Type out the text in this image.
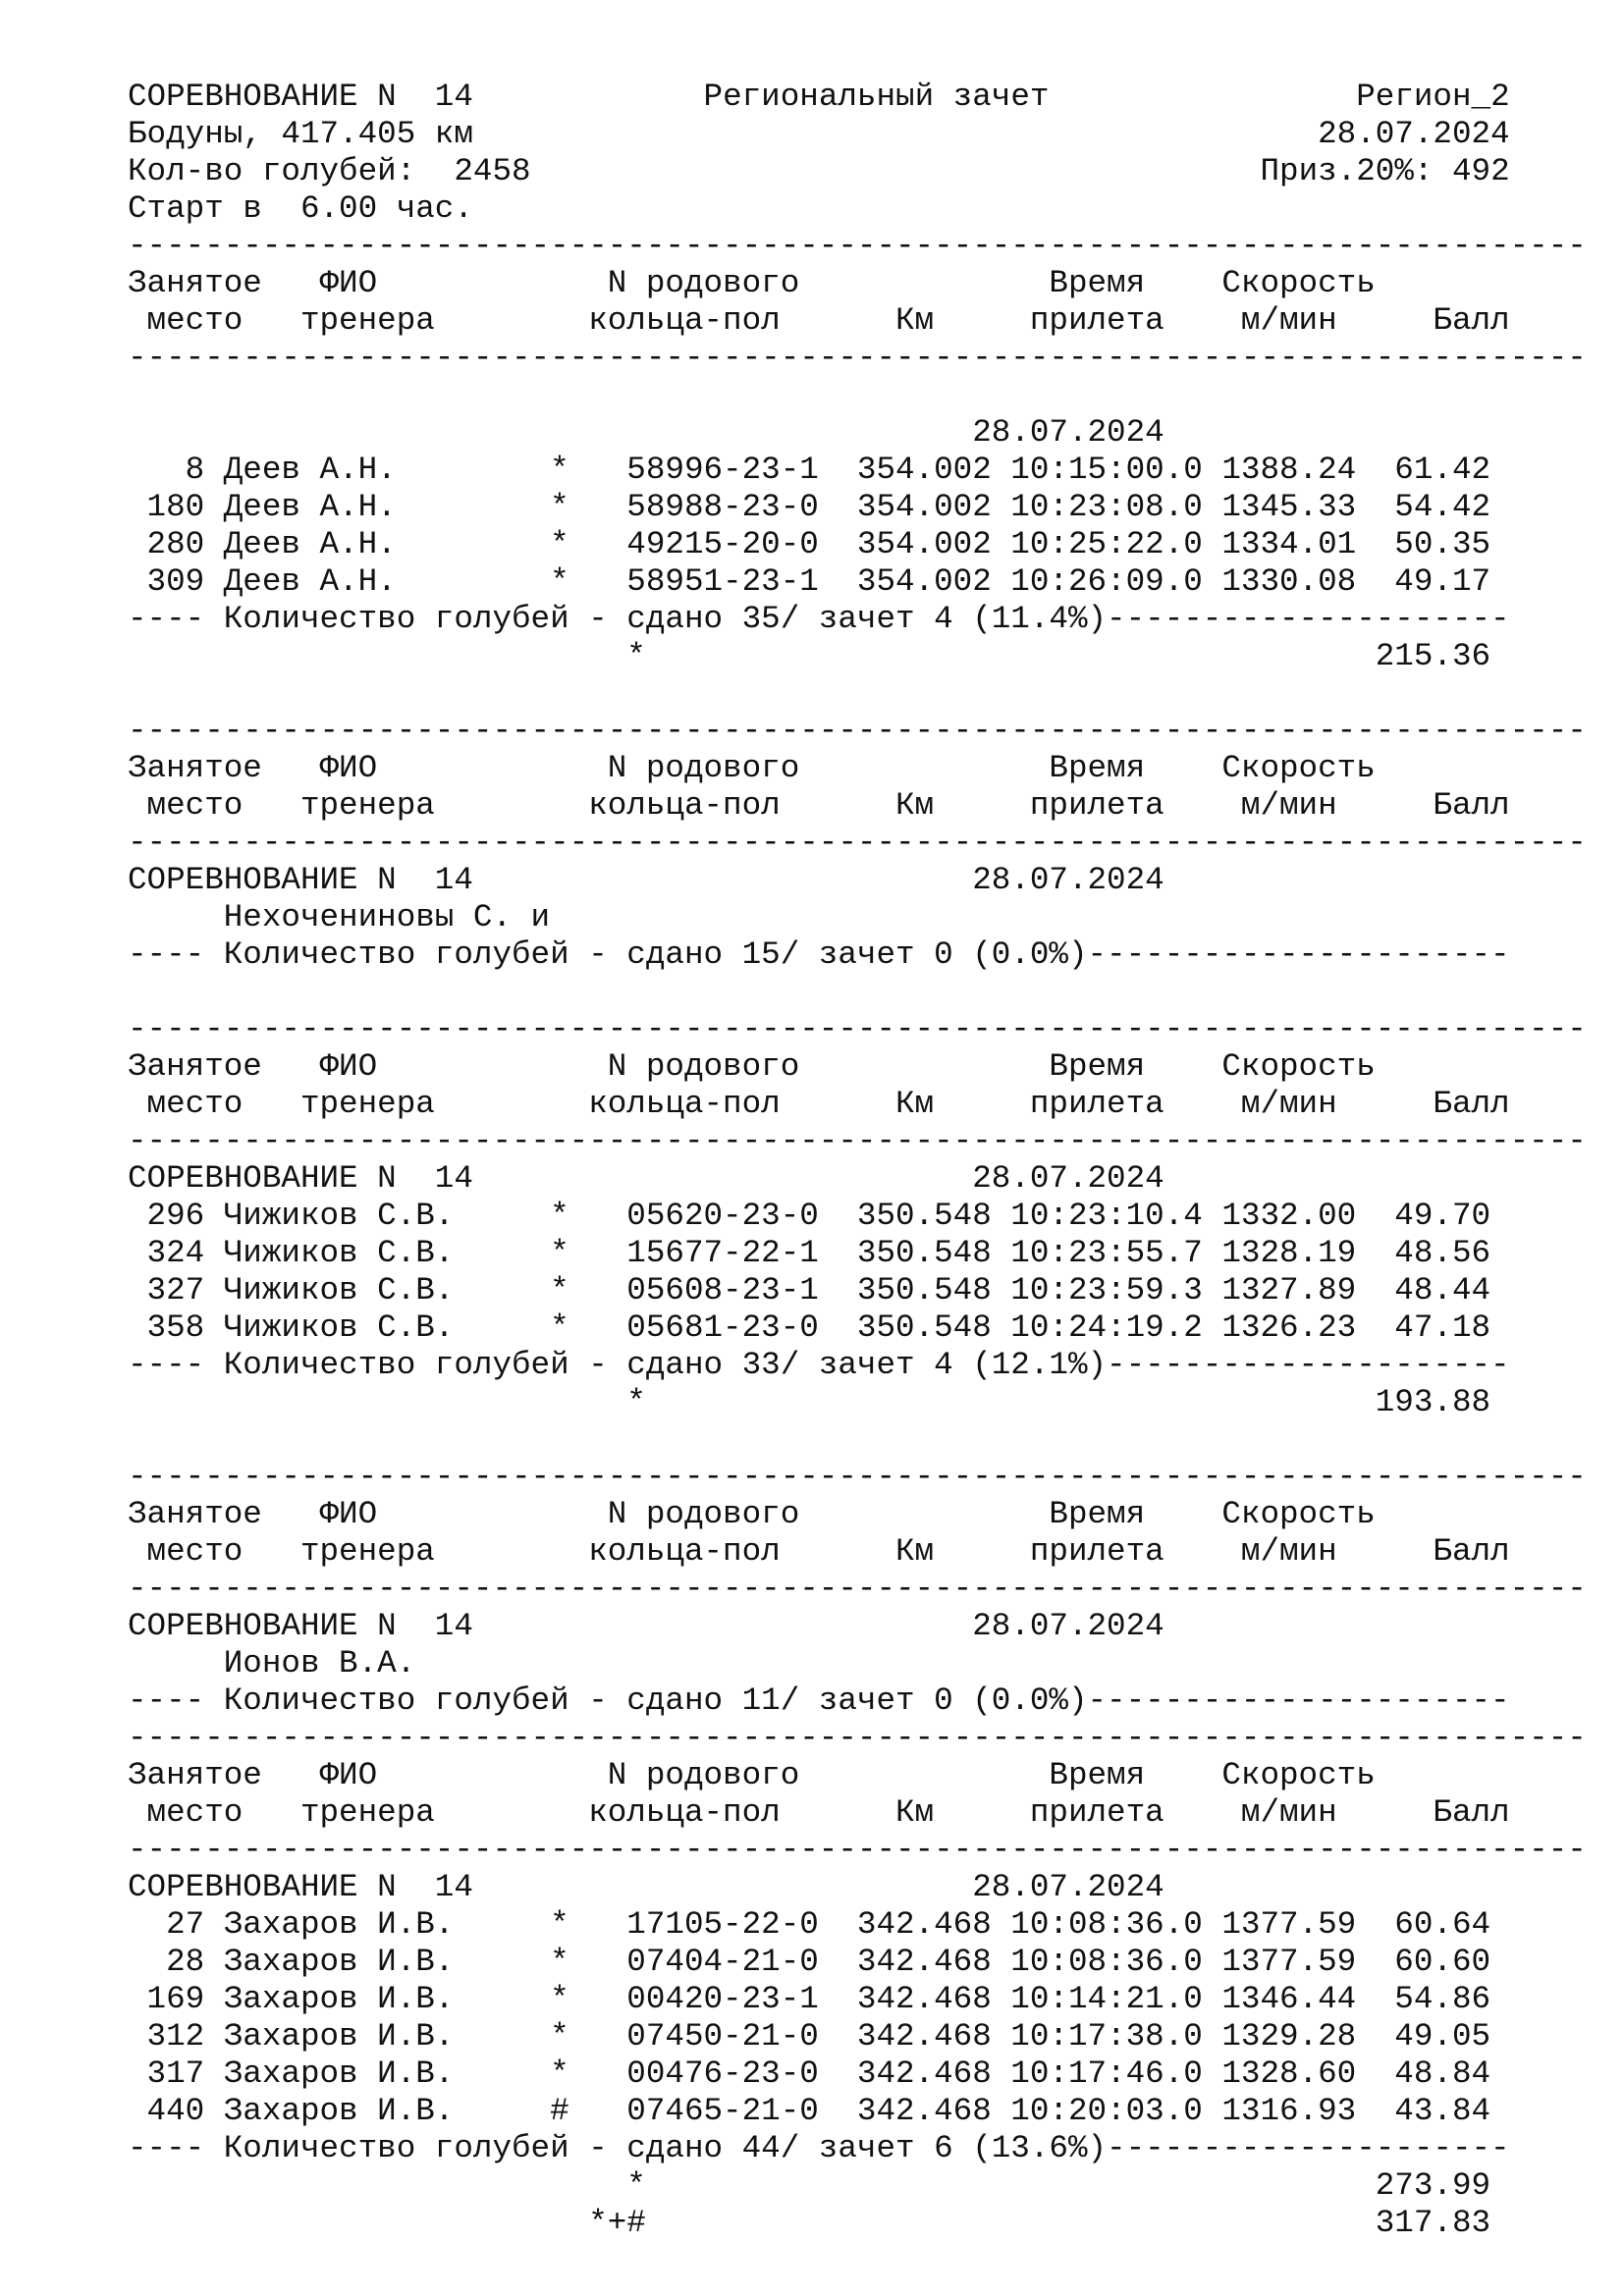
СОРЕВНОВАНИЕ N  14	Региональный зачет	Регион_2
Бодуны, 417.405 км	28.07.2024
Кол-во голубей:  2458	Приз.20%: 492
Старт в  6.00 час.
----------------------------------------------------------------------------
Занятое   ФИО            N родового             Время    Скорость
место   тренера        кольца-пол      Км     прилета    м/мин     Балл
----------------------------------------------------------------------------
28.07.2024
8 Деев А.Н.        *   58996-23-1  354.002 10:15:00.0 1388.24  61.42
180 Деев А.Н.        *   58988-23-0  354.002 10:23:08.0 1345.33  54.42
280 Деев А.Н.        *   49215-20-0  354.002 10:25:22.0 1334.01  50.35
309 Деев А.Н.        *   58951-23-1  354.002 10:26:09.0 1330.08  49.17
---- Количество голубей - сдано 35/ зачет 4 (11.4%)---------------------
*                                      215.36
----------------------------------------------------------------------------
Занятое   ФИО            N родового             Время    Скорость
место   тренера        кольца-пол      Км     прилета    м/мин     Балл
----------------------------------------------------------------------------
СОРЕВНОВАНИЕ N  14                          28.07.2024
Нехочениновы С. и
---- Количество голубей - сдано 15/ зачет 0 (0.0%)----------------------
----------------------------------------------------------------------------
Занятое   ФИО            N родового             Время    Скорость
место   тренера        кольца-пол      Км     прилета    м/мин     Балл
----------------------------------------------------------------------------
СОРЕВНОВАНИЕ N  14                          28.07.2024
296 Чижиков С.В.     *   05620-23-0  350.548 10:23:10.4 1332.00  49.70
324 Чижиков С.В.     *   15677-22-1  350.548 10:23:55.7 1328.19  48.56
327 Чижиков С.В.     *   05608-23-1  350.548 10:23:59.3 1327.89  48.44
358 Чижиков С.В.     *   05681-23-0  350.548 10:24:19.2 1326.23  47.18
---- Количество голубей - сдано 33/ зачет 4 (12.1%)---------------------
*                                      193.88
----------------------------------------------------------------------------
Занятое   ФИО            N родового             Время    Скорость
место   тренера        кольца-пол      Км     прилета    м/мин     Балл
----------------------------------------------------------------------------
СОРЕВНОВАНИЕ N  14                          28.07.2024
Ионов В.А.
---- Количество голубей - сдано 11/ зачет 0 (0.0%)----------------------
----------------------------------------------------------------------------
Занятое   ФИО            N родового             Время    Скорость
место   тренера        кольца-пол      Км     прилета    м/мин     Балл
----------------------------------------------------------------------------
СОРЕВНОВАНИЕ N  14                          28.07.2024
27 Захаров И.В.     *   17105-22-0  342.468 10:08:36.0 1377.59  60.64
28 Захаров И.В.     *   07404-21-0  342.468 10:08:36.0 1377.59  60.60
169 Захаров И.В.     *   00420-23-1  342.468 10:14:21.0 1346.44  54.86
312 Захаров И.В.     *   07450-21-0  342.468 10:17:38.0 1329.28  49.05
317 Захаров И.В.     *   00476-23-0  342.468 10:17:46.0 1328.60  48.84
440 Захаров И.В.     #   07465-21-0  342.468 10:20:03.0 1316.93  43.84
---- Количество голубей - сдано 44/ зачет 6 (13.6%)---------------------
*                                      273.99
*+#                                      317.83
